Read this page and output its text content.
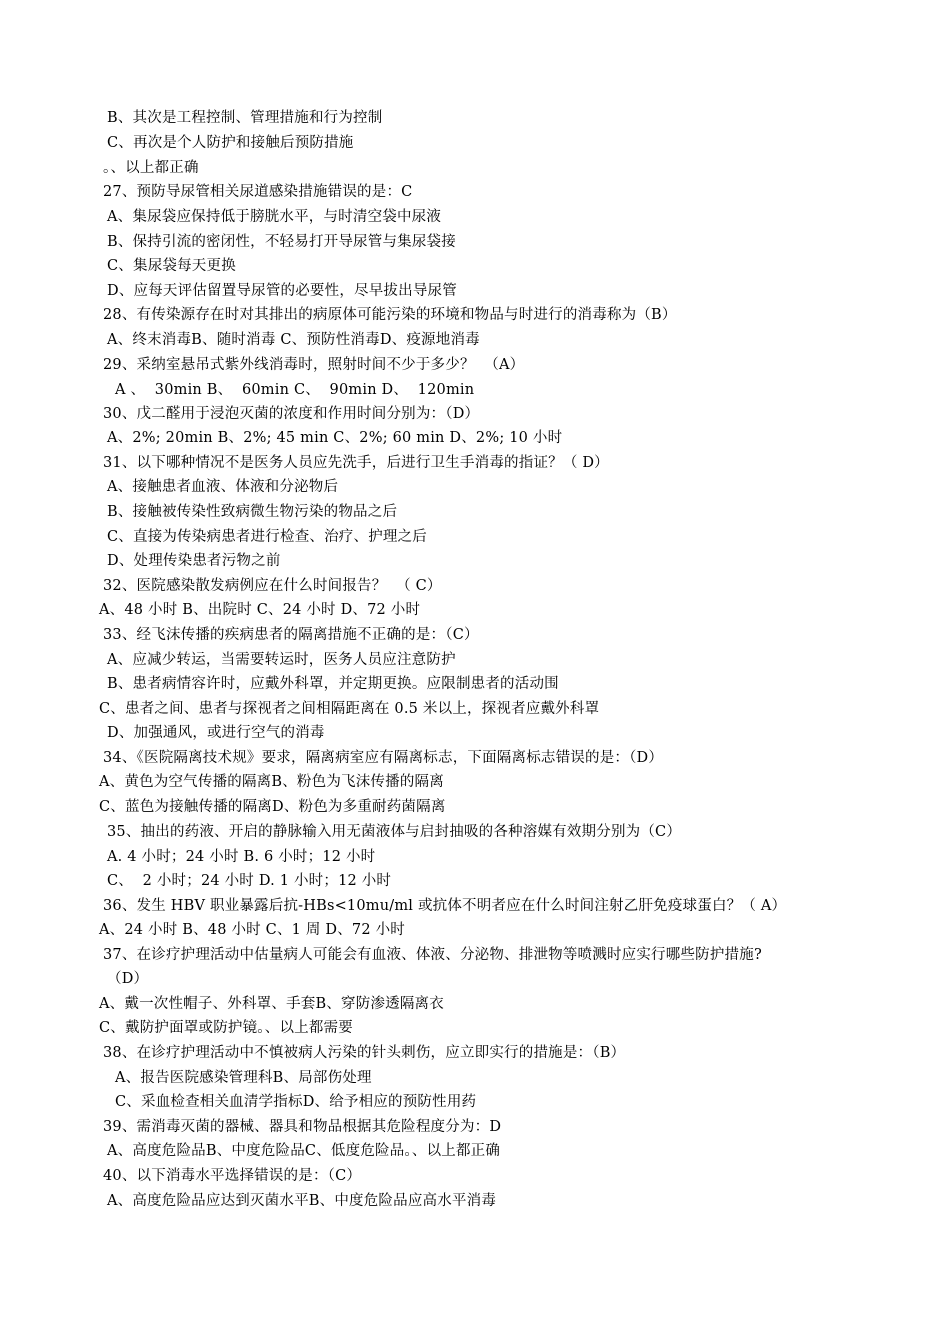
B、其次是工程控制、管理措施和行为控制
C、再次是个人防护和接触后预防措施
。、以上都正确
27、预防导尿管相关尿道感染措施错误的是：C
A、集尿袋应保持低于膀胱水平，与时清空袋中尿液
B、保持引流的密闭性，不轻易打开导尿管与集尿袋接
C、集尿袋每天更换
D、应每天评估留置导尿管的必要性，尽早拔出导尿管
28、有传染源存在时对其排出的病原体可能污染的环境和物品与时进行的消毒称为（B）
A、终末消毒B、随时消毒 C、预防性消毒D、疫源地消毒
29、采纳室悬吊式紫外线消毒时，照射时间不少于多少？  （A）
A 、  30min B、  60min C、  90min D、  120min
30、戊二醛用于浸泡灭菌的浓度和作用时间分别为：（D）
A、2%; 20min B、2%; 45 min C、2%; 60 min D、2%; 10 小时
31、以下哪种情况不是医务人员应先洗手，后进行卫生手消毒的指证？（ D）
A、接触患者血液、体液和分泌物后
B、接触被传染性致病微生物污染的物品之后
C、直接为传染病患者进行检查、治疗、护理之后
D、处理传染患者污物之前
32、医院感染散发病例应在什么时间报告？  （ C）
A、48 小时 B、出院时 C、24 小时 D、72 小时
33、经飞沫传播的疾病患者的隔离措施不正确的是：（C）
A、应减少转运，当需要转运时，医务人员应注意防护
B、患者病情容许时，应戴外科罩，并定期更换。应限制患者的活动围
C、患者之间、患者与探视者之间相隔距离在 0.5 米以上，探视者应戴外科罩
D、加强通风，或进行空气的消毒
34、《医院隔离技术规》要求，隔离病室应有隔离标志，下面隔离标志错误的是：（D）
A、黄色为空气传播的隔离B、粉色为飞沫传播的隔离
C、蓝色为接触传播的隔离D、粉色为多重耐药菌隔离
35、抽出的药液、开启的静脉输入用无菌液体与启封抽吸的各种溶媒有效期分别为（C）
A. 4 小时；24 小时 B. 6 小时；12 小时
C、  2 小时；24 小时 D. 1 小时；12 小时
36、发生 HBV 职业暴露后抗-HBs<10mu/ml 或抗体不明者应在什么时间注射乙肝免疫球蛋白？（ A）
A、24 小时 B、48 小时 C、1 周 D、72 小时
37、在诊疗护理活动中估量病人可能会有血液、体液、分泌物、排泄物等喷溅时应实行哪些防护措施?
（D）
A、戴一次性帽子、外科罩、手套B、穿防渗透隔离衣
C、戴防护面罩或防护镜。、以上都需要
38、在诊疗护理活动中不慎被病人污染的针头刺伤，应立即实行的措施是：（B）
A、报告医院感染管理科B、局部伤处理
C、采血检查相关血清学指标D、给予相应的预防性用药
39、需消毒灭菌的器械、器具和物品根据其危险程度分为：D
A、高度危险品B、中度危险品C、低度危险品。、以上都正确
40、以下消毒水平选择错误的是：（C）
A、高度危险品应达到灭菌水平B、中度危险品应高水平消毒
